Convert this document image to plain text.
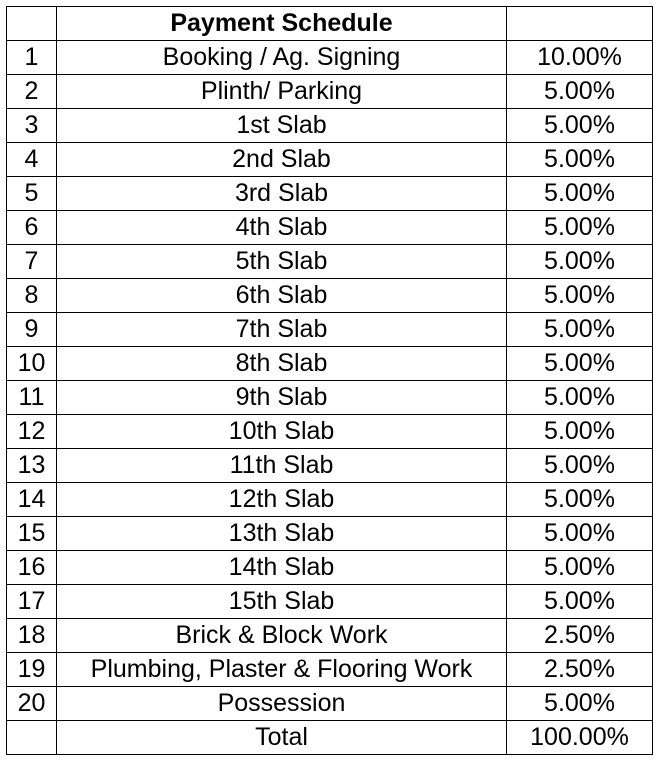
	Payment Schedule	
1	Booking / Ag. Signing	10.00%
2	Plinth/ Parking	5.00%
3	1st Slab	5.00%
4	2nd Slab	5.00%
5	3rd Slab	5.00%
6	4th Slab	5.00%
7	5th Slab	5.00%
8	6th Slab	5.00%
9	7th Slab	5.00%
10	8th Slab	5.00%
11	9th Slab	5.00%
12	10th Slab	5.00%
13	11th Slab	5.00%
14	12th Slab	5.00%
15	13th Slab	5.00%
16	14th Slab	5.00%
17	15th Slab	5.00%
18	Brick & Block Work	2.50%
19	Plumbing, Plaster & Flooring Work	2.50%
20	Possession	5.00%
	Total	100.00%
